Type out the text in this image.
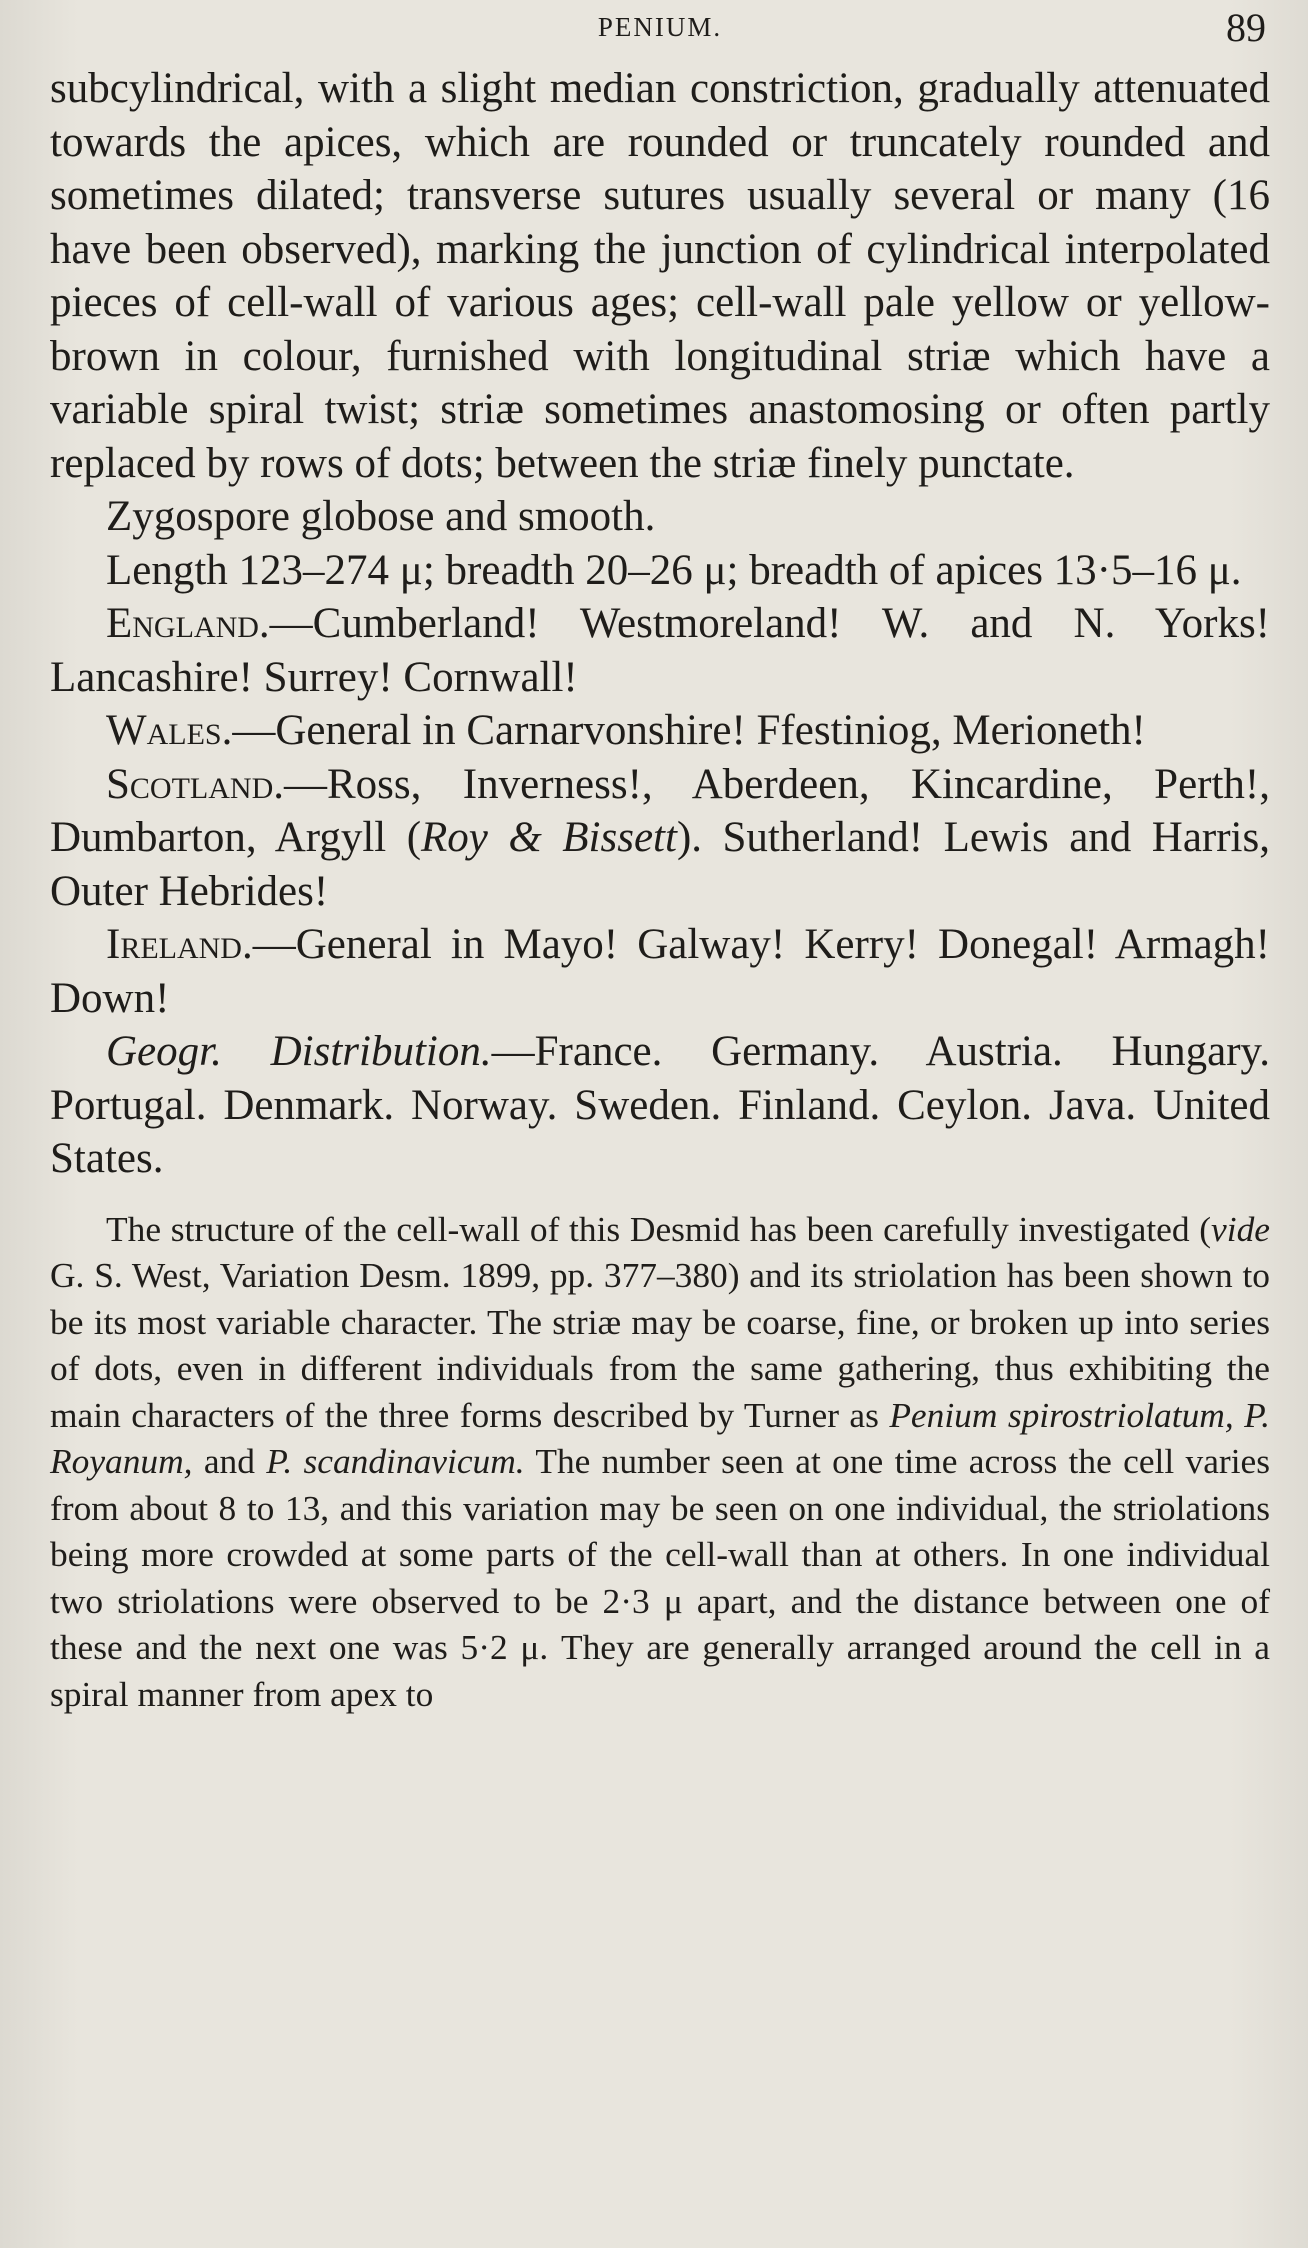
PENIUM.	89

subcylindrical, with a slight median constriction, gradually attenuated towards the apices, which are rounded or truncately rounded and sometimes dilated; transverse sutures usually several or many (16 have been observed), marking the junction of cylindrical interpolated pieces of cell-wall of various ages; cell-wall pale yellow or yellow-brown in colour, furnished with longitudinal striæ which have a variable spiral twist; striæ sometimes anastomosing or often partly replaced by rows of dots; between the striæ finely punctate.

Zygospore globose and smooth.

Length 123–274 μ; breadth 20–26 μ; breadth of apices 13·5–16 μ.

England.—Cumberland! Westmoreland! W. and N. Yorks! Lancashire! Surrey! Cornwall!

Wales.—General in Carnarvonshire! Ffestiniog, Merioneth!

Scotland.—Ross, Inverness!, Aberdeen, Kincardine, Perth!, Dumbarton, Argyll (Roy & Bissett). Sutherland! Lewis and Harris, Outer Hebrides!

Ireland.—General in Mayo! Galway! Kerry! Donegal! Armagh! Down!

Geogr. Distribution.—France. Germany. Austria. Hungary. Portugal. Denmark. Norway. Sweden. Finland. Ceylon. Java. United States.

The structure of the cell-wall of this Desmid has been carefully investigated (vide G. S. West, Variation Desm. 1899, pp. 377–380) and its striolation has been shown to be its most variable character. The striæ may be coarse, fine, or broken up into series of dots, even in different individuals from the same gathering, thus exhibiting the main characters of the three forms described by Turner as Penium spirostriolatum, P. Royanum, and P. scandinavicum. The number seen at one time across the cell varies from about 8 to 13, and this variation may be seen on one individual, the striolations being more crowded at some parts of the cell-wall than at others. In one individual two striolations were observed to be 2·3 μ apart, and the distance between one of these and the next one was 5·2 μ. They are generally arranged around the cell in a spiral manner from apex to
